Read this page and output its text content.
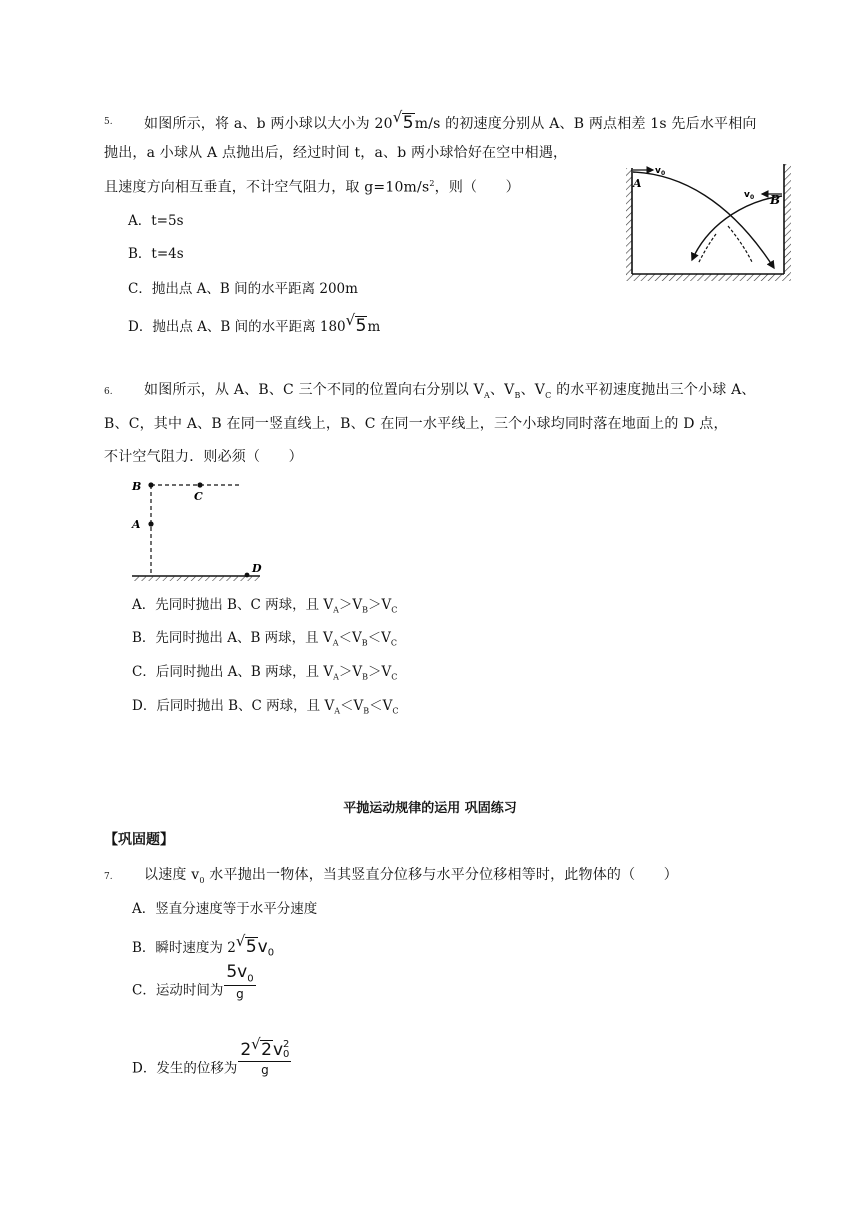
5. 如图所示，将 a、b 两小球以大小为 20 √ 5m/s 的初速度分别从 A、B 两点相差 1s 先后水平相向
抛出，a 小球从 A 点抛出后，经过时间 t，a、b 两小球恰好在空中相遇，
且速度方向相互垂直，不计空气阻力，取 $g=10m/s^2$，则（　　）
A．t=5s
B．t=4s
C．抛出点 A、B 间的水平距离 200m
D．抛出点 A、B 间的水平距离 180 √ 5m
v 0
A
v 0 B
6. 如图所示，从 A、B、C 三个不同的位置向右分别以 $V_A$、$V_B$、$V_C$ 的水平初速度抛出三个小球 A、
B、C，其中 A、B 在同一竖直线上，B、C 在同一水平线上，三个小球均同时落在地面上的 D 点，
不计空气阻力．则必须（　　）
B
C
A
D
A．先同时抛出 B、C 两球，且 $V_A>V_B>V_C$
B．先同时抛出 A、B 两球，且 $V_A<V_B<V_C$
C．后同时抛出 A、B 两球，且 $V_A>V_B>V_C$
D．后同时抛出 B、C 两球，且 $V_A<V_B<V_C$
平抛运动规律的运用 巩固练习
【巩固题】
7. 以速度 $v_0$ 水平抛出一物体，当其竖直分位移与水平分位移相等时，此物体的（　　）
A．竖直分速度等于水平分速度
B．瞬时速度为 2 √ $5v_0$
C．运动时间为 $\frac{5v_0}{g}$
D．发生的位移为 2 √ 2v 2
0
g
